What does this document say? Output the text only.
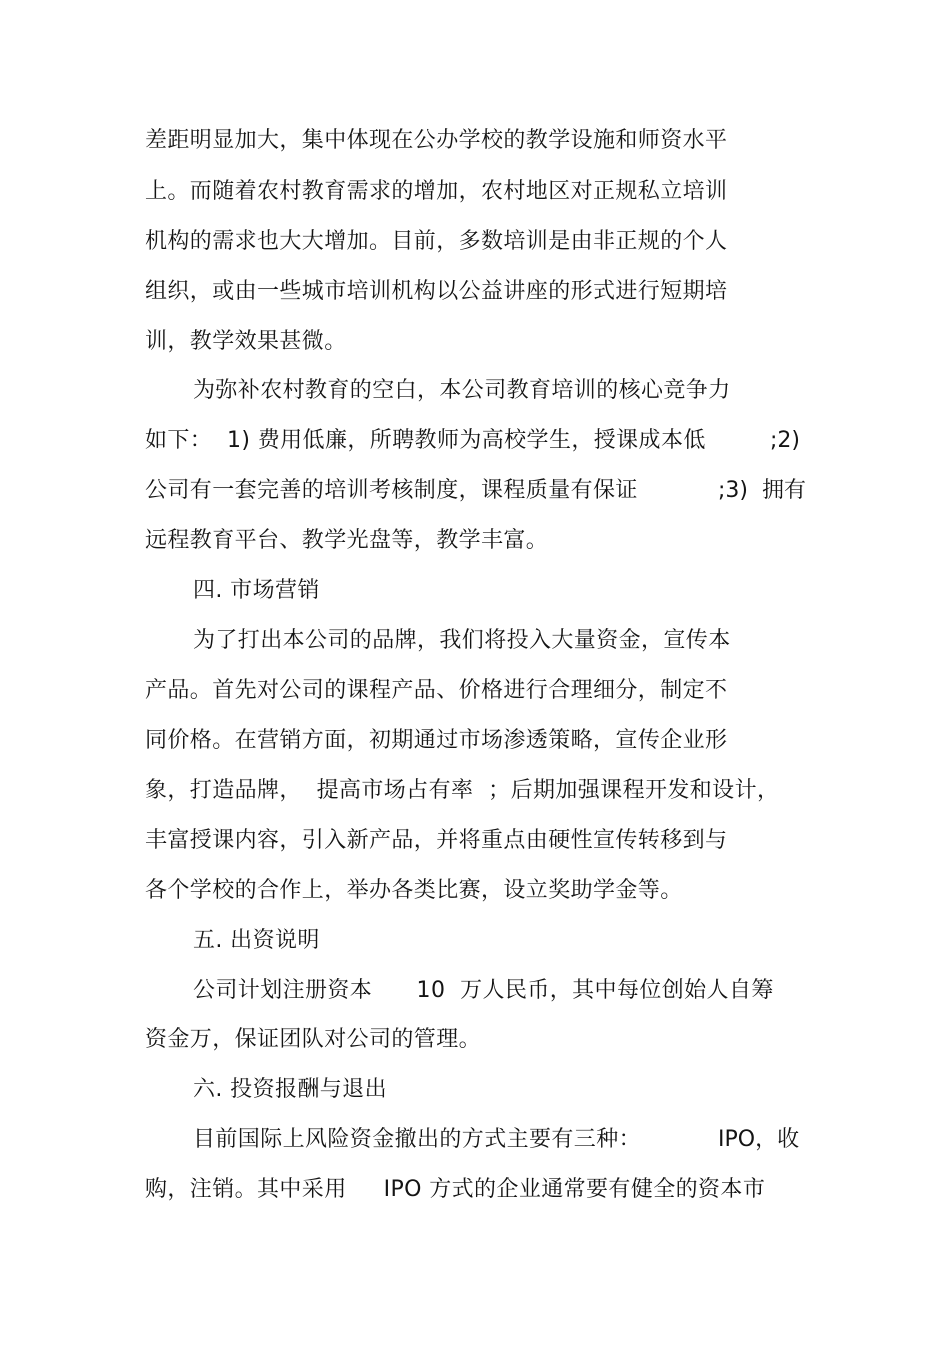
差距明显加大，集中体现在公办学校的教学设施和师资水平
上。而随着农村教育需求的增加，农村地区对正规私立培训
机构的需求也大大增加。目前，多数培训是由非正规的个人
组织，或由一些城市培训机构以公益讲座的形式进行短期培
训，教学效果甚微。
为弥补农村教育的空白，本公司教育培训的核心竞争力
如下：  1) 费用低廉，所聘教师为高校学生，授课成本低	;2)
公司有一套完善的培训考核制度，课程质量有保证	;3)  拥有
远程教育平台、教学光盘等，教学丰富。
四. 市场营销
为了打出本公司的品牌，我们将投入大量资金，宣传本
产品。首先对公司的课程产品、价格进行合理细分，制定不
同价格。在营销方面，初期通过市场渗透策略，宣传企业形
象，打造品牌，  提高市场占有率  ；后期加强课程开发和设计，
丰富授课内容，引入新产品，并将重点由硬性宣传转移到与
各个学校的合作上，举办各类比赛，设立奖助学金等。
五. 出资说明
公司计划注册资本      10  万人民币，其中每位创始人自筹
资金万，保证团队对公司的管理。
六. 投资报酬与退出
目前国际上风险资金撤出的方式主要有三种：	IPO，收
购，注销。其中采用     IPO 方式的企业通常要有健全的资本市
